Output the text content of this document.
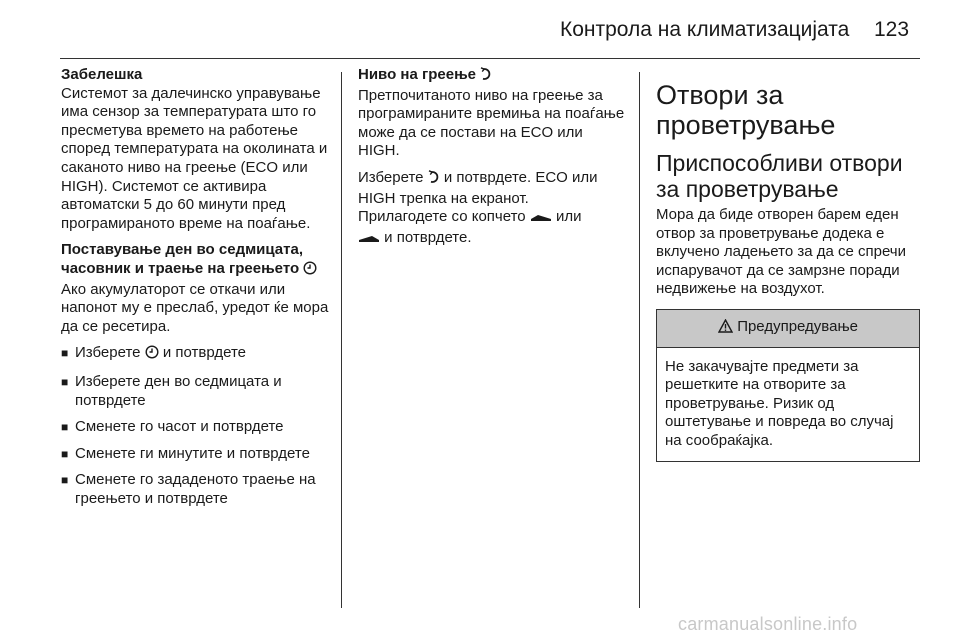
Контрола на климатизацијата 123
Забелешка

Системот за далечинско управување има сензор за температурата што го пресметува времето на работење според температурата на околината и саканото ниво на греење (ECO или HIGH). Системот се активира автоматски 5 до 60 минути пред програмираното време на поаѓање.

Поставување ден во седмицата, часовник и траење на греењето

Ако акумулаторот се откачи или напонот му е преслаб, уредот ќе мора да се ресетира.

■ Изберете и потврдете
■ Изберете ден во седмицата и потврдете
■ Сменете го часот и потврдете
■ Сменете ги минутите и потврдете
■ Сменете го зададеното траење на греењето и потврдете
Ниво на греење

Претпочитаното ниво на греење за програмираните времиња на поаѓање може да се постави на ECO или HIGH.

Изберете и потврдете. ECO или HIGH трепка на екранот.
Прилагодете со копчето или
и потврдете.
Отвори за проветрување
Приспособливи отвори за проветрување

Мора да биде отворен барем еден отвор за проветрување додека е вклучено ладењето за да се спречи испарувачот да се замрзне поради недвижење на воздухот.

Предупредување
Не закачувајте предмети за решетките на отворите за проветрување. Ризик од оштетување и повреда во случај на сообраќајка.
carmanualsonline.info
